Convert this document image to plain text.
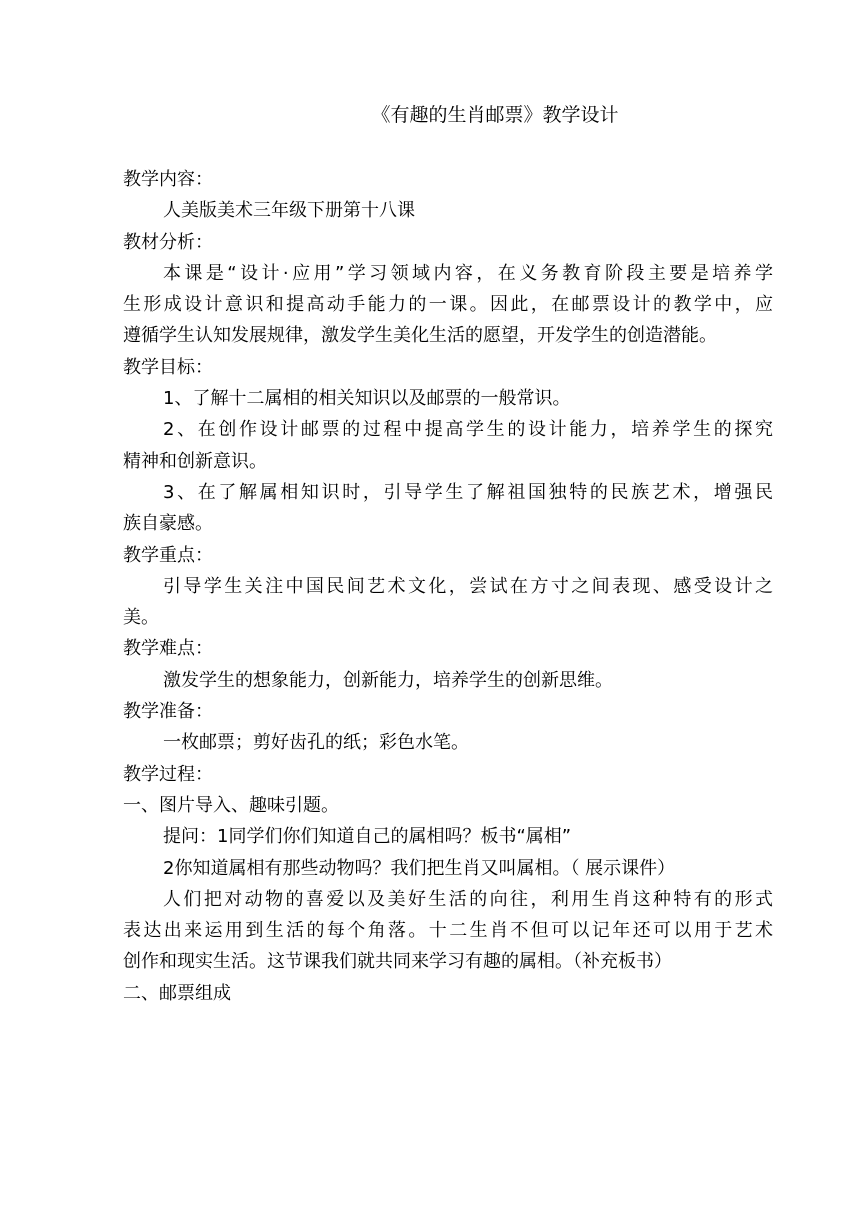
《有趣的生肖邮票》教学设计
教学内容：
人美版美术三年级下册第十八课
教材分析：
本课是“设计·应用”学习领域内容，在义务教育阶段主要是培养学
生形成设计意识和提高动手能力的一课。因此，在邮票设计的教学中，应
遵循学生认知发展规律，激发学生美化生活的愿望，开发学生的创造潜能。
教学目标：
1、了解十二属相的相关知识以及邮票的一般常识。
2、在创作设计邮票的过程中提高学生的设计能力，培养学生的探究
精神和创新意识。
3、在了解属相知识时，引导学生了解祖国独特的民族艺术，增强民
族自豪感。
教学重点：
引导学生关注中国民间艺术文化，尝试在方寸之间表现、感受设计之
美。
教学难点：
激发学生的想象能力，创新能力，培养学生的创新思维。
教学准备：
一枚邮票；剪好齿孔的纸；彩色水笔。
教学过程：
一、图片导入、趣味引题。
提问：1同学们你们知道自己的属相吗？板书“属相”
2你知道属相有那些动物吗？我们把生肖又叫属相。（ 展示课件）
人们把对动物的喜爱以及美好生活的向往，利用生肖这种特有的形式
表达出来运用到生活的每个角落。十二生肖不但可以记年还可以用于艺术
创作和现实生活。这节课我们就共同来学习有趣的属相。（补充板书）
二、邮票组成
